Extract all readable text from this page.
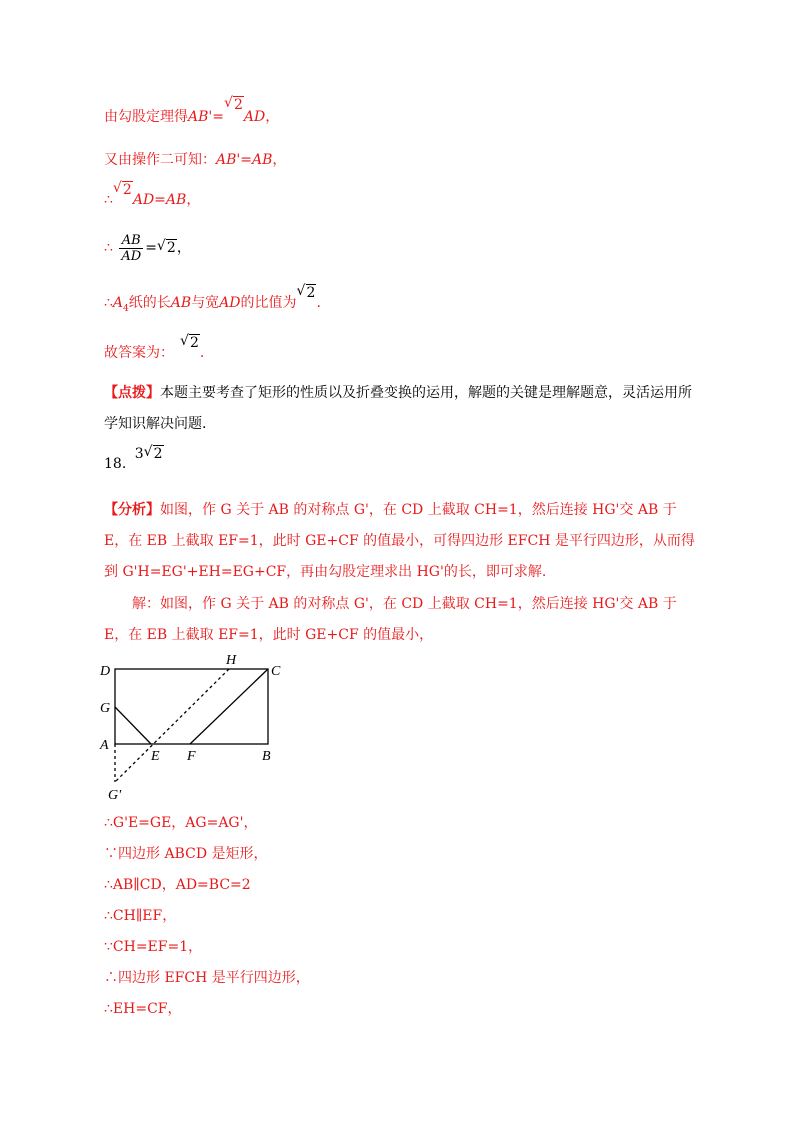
由勾股定理得AB'=
√ 2AD，
又由操作二可知：AB'=AB，
∴
√ 2AD=AB，
∴ $\frac{AB}{AD}$ = √ 2，
$\therefore A_4$纸的长AB与宽AD的比值为
√ 2.
故答案为：
√ 2.
【点拨】本题主要考查了矩形的性质以及折叠变换的运用，解题的关键是理解题意，灵活运用所学知识解决问题.
18. 3 √ 2
【分析】如图，作 G 关于 AB 的对称点 G'，在 CD 上截取 CH=1，然后连接 HG'交 AB 于 E，在 EB 上截取 EF=1，此时 GE+CF 的值最小，可得四边形 EFCH 是平行四边形，从而得到 G'H=EG'+EH=EG+CF，再由勾股定理求出 HG'的长，即可求解.
解：如图，作 G 关于 AB 的对称点 G'，在 CD 上截取 CH=1，然后连接 HG'交 AB 于 E，在 EB 上截取 EF=1，此时 GE+CF 的值最小，
D
H
C
G
A
E F	B
G'
∴G'E=GE，AG=AG'，
∵四边形 ABCD 是矩形，
∴AB∥CD，AD=BC=2
∴CH∥EF，
∵CH=EF=1，
∴四边形 EFCH 是平行四边形，
∴EH=CF，
